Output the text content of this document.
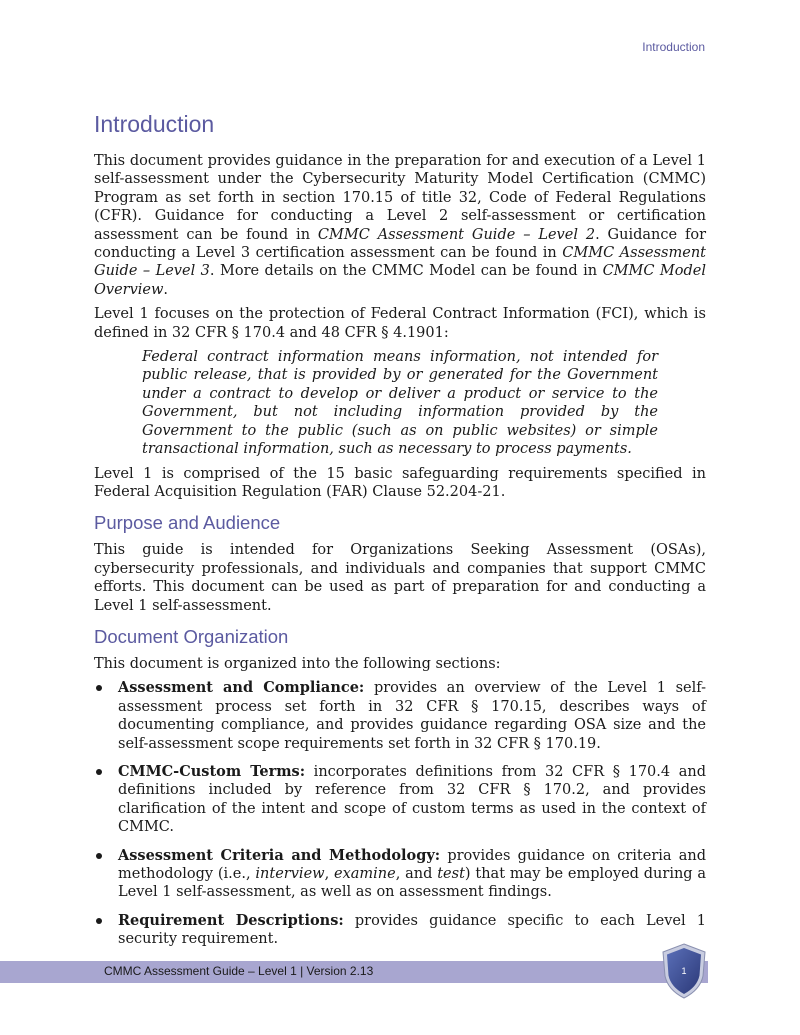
Introduction
Introduction

This document provides guidance in the preparation for and execution of a Level 1 self-assessment under the Cybersecurity Maturity Model Certification (CMMC) Program as set forth in section 170.15 of title 32, Code of Federal Regulations (CFR). Guidance for conducting a Level 2 self-assessment or certification assessment can be found in CMMC Assessment Guide – Level 2. Guidance for conducting a Level 3 certification assessment can be found in CMMC Assessment Guide – Level 3. More details on the CMMC Model can be found in CMMC Model Overview.

Level 1 focuses on the protection of Federal Contract Information (FCI), which is defined in 32 CFR § 170.4 and 48 CFR § 4.1901:

Federal contract information means information, not intended for public release, that is provided by or generated for the Government under a contract to develop or deliver a product or service to the Government, but not including information provided by the Government to the public (such as on public websites) or simple transactional information, such as necessary to process payments.

Level 1 is comprised of the 15 basic safeguarding requirements specified in Federal Acquisition Regulation (FAR) Clause 52.204-21.

Purpose and Audience

This guide is intended for Organizations Seeking Assessment (OSAs), cybersecurity professionals, and individuals and companies that support CMMC efforts. This document can be used as part of preparation for and conducting a Level 1 self-assessment.

Document Organization

This document is organized into the following sections:

Assessment and Compliance: provides an overview of the Level 1 self-assessment process set forth in 32 CFR § 170.15, describes ways of documenting compliance, and provides guidance regarding OSA size and the self-assessment scope requirements set forth in 32 CFR § 170.19.
CMMC-Custom Terms: incorporates definitions from 32 CFR § 170.4 and definitions included by reference from 32 CFR § 170.2, and provides clarification of the intent and scope of custom terms as used in the context of CMMC.
Assessment Criteria and Methodology: provides guidance on criteria and methodology (i.e., interview, examine, and test) that may be employed during a Level 1 self-assessment, as well as on assessment findings.
Requirement Descriptions: provides guidance specific to each Level 1 security requirement.
CMMC Assessment Guide – Level 1 | Version 2.13	1
